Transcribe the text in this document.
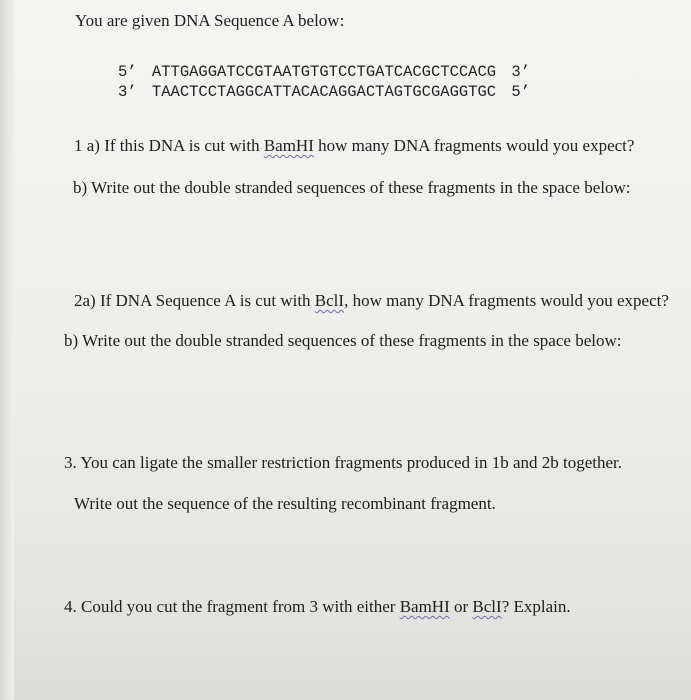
You are given DNA Sequence A below:
5’ ATTGAGGATCCGTAATGTGTCCTGATCACGCTCCACG 3’
3’ TAACTCCTAGGCATTACACAGGACTAGTGCGAGGTGC 5’
1 a) If this DNA is cut with BamHI how many DNA fragments would you expect?
b) Write out the double stranded sequences of these fragments in the space below:
2a) If DNA Sequence A is cut with BclI, how many DNA fragments would you expect?
b) Write out the double stranded sequences of these fragments in the space below:
3. You can ligate the smaller restriction fragments produced in 1b and 2b together.
Write out the sequence of the resulting recombinant fragment.
4. Could you cut the fragment from 3 with either BamHI or BclI? Explain.
